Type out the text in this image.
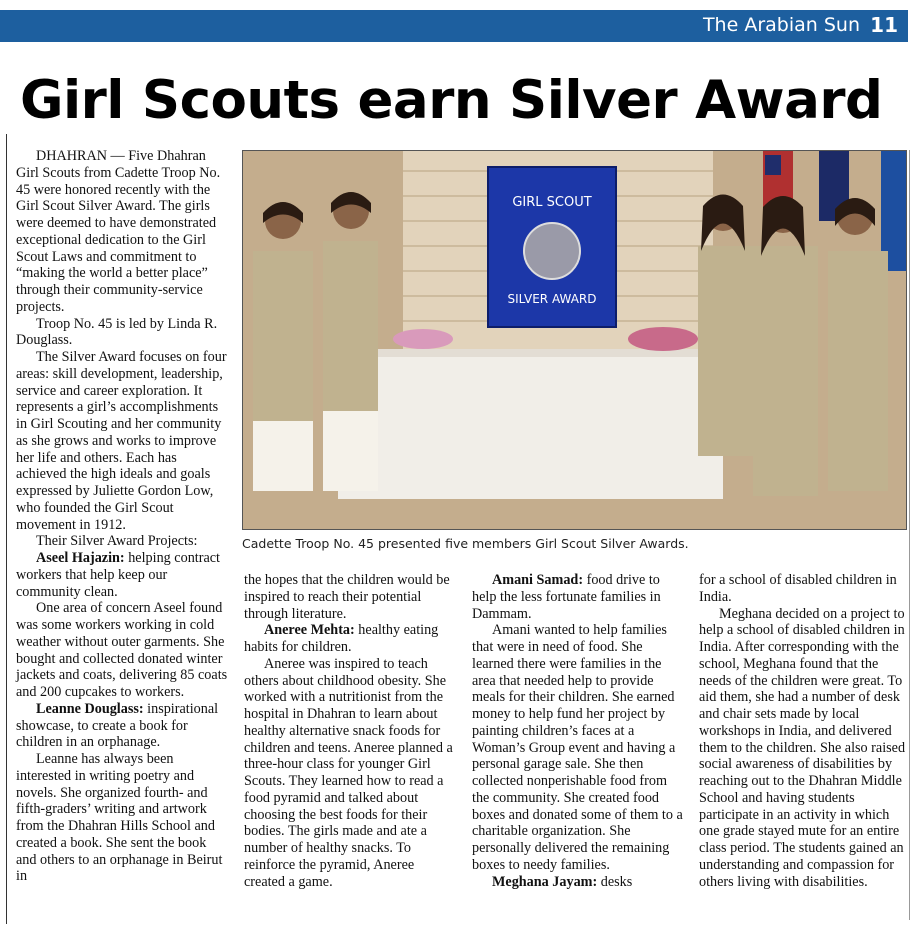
The Arabian Sun 11
Girl Scouts earn Silver Award

DHAHRAN — Five Dhahran Girl Scouts from Cadette Troop No. 45 were honored recently with the Girl Scout Silver Award. The girls were deemed to have demonstrated exceptional dedication to the Girl Scout Laws and commitment to “making the world a better place” through their community-service projects.

Troop No. 45 is led by Linda R. Douglass.

The Silver Award focuses on four areas: skill development, leadership, service and career exploration. It represents a girl’s accomplishments in Girl Scouting and her community as she grows and works to improve her life and others. Each has achieved the high ideals and goals expressed by Juliette Gordon Low, who founded the Girl Scout movement in 1912.

Their Silver Award Projects:

Aseel Hajazin: helping contract workers that help keep our community clean.

One area of concern Aseel found was some workers working in cold weather without outer garments. She bought and collected donated winter jackets and coats, delivering 85 coats and 200 cupcakes to workers.

Leanne Douglass: inspirational showcase, to create a book for children in an orphanage.

Leanne has always been interested in writing poetry and novels. She organized fourth- and fifth-graders’ writing and artwork from the Dhahran Hills School and created a book. She sent the book and others to an orphanage in Beirut in

GIRL SCOUT
SILVER AWARD
Cadette Troop No. 45 presented five members Girl Scout Silver Awards.

the hopes that the children would be inspired to reach their potential through literature.

Aneree Mehta: healthy eating habits for children.

Aneree was inspired to teach others about childhood obesity. She worked with a nutritionist from the hospital in Dhahran to learn about healthy alternative snack foods for children and teens. Aneree planned a three-hour class for younger Girl Scouts. They learned how to read a food pyramid and talked about choosing the best foods for their bodies. The girls made and ate a number of healthy snacks. To reinforce the pyramid, Aneree created a game.

Amani Samad: food drive to help the less fortunate families in Dammam.

Amani wanted to help families that were in need of food. She learned there were families in the area that needed help to provide meals for their children. She earned money to help fund her project by painting children’s faces at a Woman’s Group event and having a personal garage sale. She then collected nonperishable food from the community. She created food boxes and donated some of them to a charitable organization. She personally delivered the remaining boxes to needy families.

Meghana Jayam: desks

for a school of disabled children in India.

Meghana decided on a project to help a school of disabled children in India. After corresponding with the school, Meghana found that the needs of the children were great. To aid them, she had a number of desk and chair sets made by local workshops in India, and delivered them to the children. She also raised social awareness of disabilities by reaching out to the Dhahran Middle School and having students participate in an activity in which one grade stayed mute for an entire class period. The students gained an understanding and compassion for others living with disabilities.
